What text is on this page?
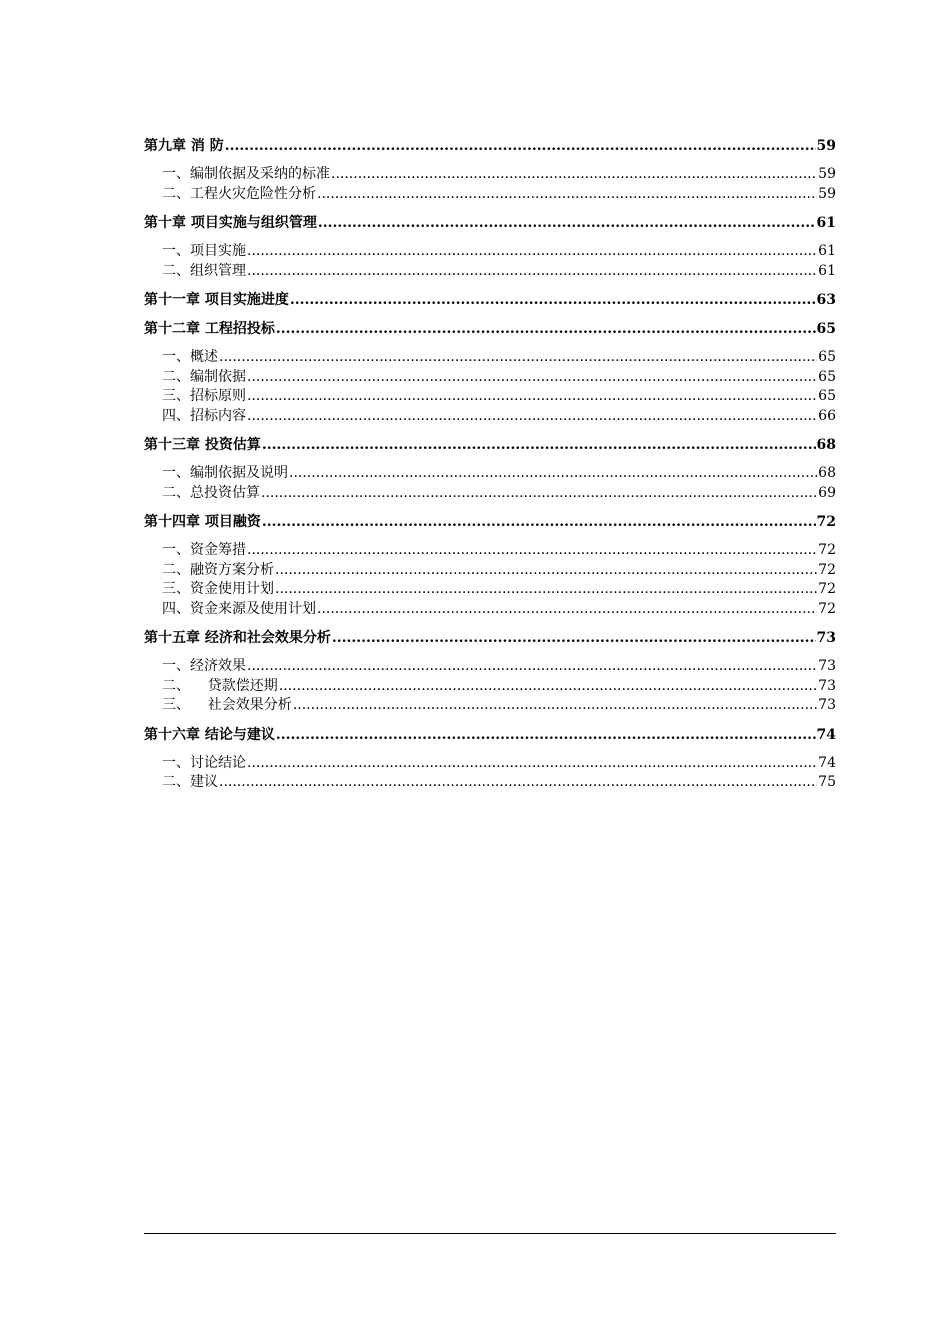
第九章 消 防 .....	59
一、编制依据及采纳的标准 .....	59
二、工程火灾危险性分析 .....	59
第十章 项目实施与组织管理 .....	61
一、项目实施 .....	61
二、组织管理 .....	61
第十一章 项目实施进度 .....	63
第十二章 工程招投标 .....	65
一、概述 .....	65
二、编制依据 .....	65
三、招标原则 .....	65
四、招标内容 .....	66
第十三章 投资估算 .....	68
一、编制依据及说明 .....	68
二、总投资估算 .....	69
第十四章 项目融资 .....	72
一、资金筹措 .....	72
二、融资方案分析 .....	72
三、资金使用计划 .....	72
四、资金来源及使用计划 .....	72
第十五章 经济和社会效果分析 .....	73
一、经济效果 .....	73
二、    贷款偿还期 .....	73
三、    社会效果分析 .....	73
第十六章 结论与建议 .....	74
一、讨论结论 .....	74
二、建议 .....	75
